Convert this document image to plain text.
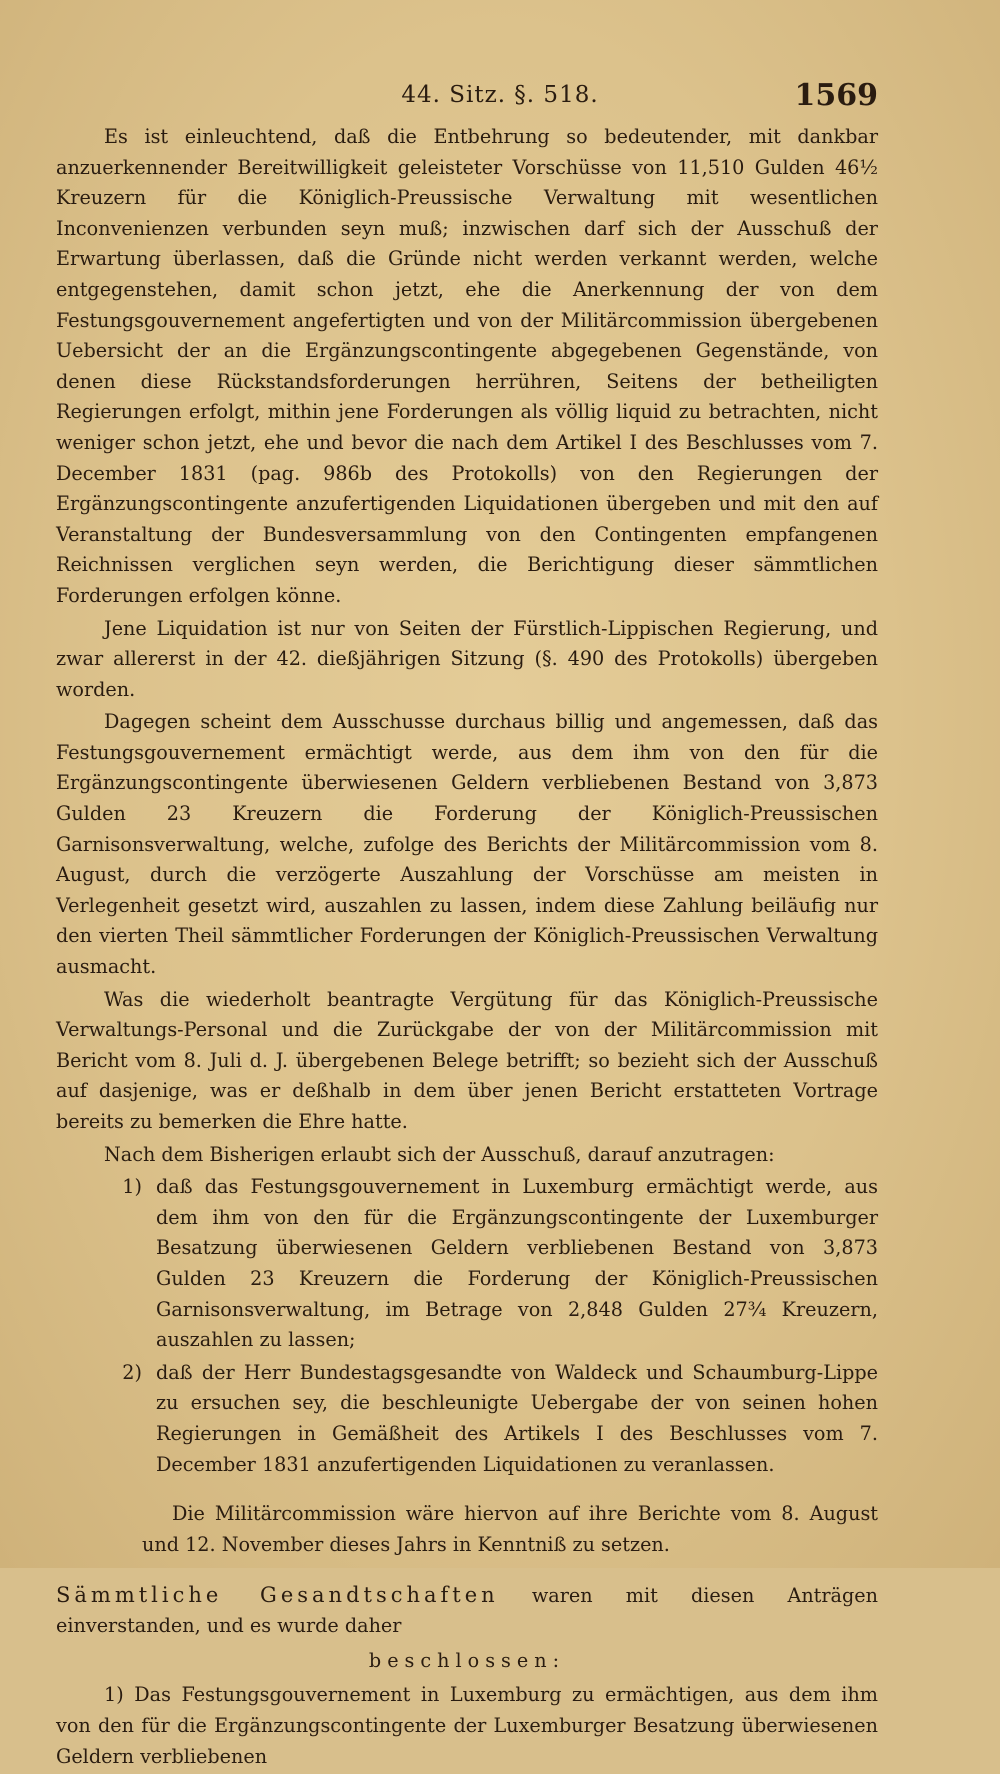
44. Sitz. §. 518.	1569

Es ist einleuchtend, daß die Entbehrung so bedeutender, mit dankbar anzuerkennender Bereitwilligkeit geleisteter Vorschüsse von 11,510 Gulden 46½ Kreuzern für die Königlich-Preussische Verwaltung mit wesentlichen Inconvenienzen verbunden seyn muß; inzwischen darf sich der Ausschuß der Erwartung überlassen, daß die Gründe nicht werden verkannt werden, welche entgegenstehen, damit schon jetzt, ehe die Anerkennung der von dem Festungsgouvernement angefertigten und von der Militärcommission übergebenen Uebersicht der an die Ergänzungscontingente abgegebenen Gegenstände, von denen diese Rückstandsforderungen herrühren, Seitens der betheiligten Regierungen erfolgt, mithin jene Forderungen als völlig liquid zu betrachten, nicht weniger schon jetzt, ehe und bevor die nach dem Artikel I des Beschlusses vom 7. December 1831 (pag. 986b des Protokolls) von den Regierungen der Ergänzungscontingente anzufertigenden Liquidationen übergeben und mit den auf Veranstaltung der Bundesversammlung von den Contingenten empfangenen Reichnissen verglichen seyn werden, die Berichtigung dieser sämmtlichen Forderungen erfolgen könne.

Jene Liquidation ist nur von Seiten der Fürstlich-Lippischen Regierung, und zwar allererst in der 42. dießjährigen Sitzung (§. 490 des Protokolls) übergeben worden.

Dagegen scheint dem Ausschusse durchaus billig und angemessen, daß das Festungsgouvernement ermächtigt werde, aus dem ihm von den für die Ergänzungscontingente überwiesenen Geldern verbliebenen Bestand von 3,873 Gulden 23 Kreuzern die Forderung der Königlich-Preussischen Garnisonsverwaltung, welche, zufolge des Berichts der Militärcommission vom 8. August, durch die verzögerte Auszahlung der Vorschüsse am meisten in Verlegenheit gesetzt wird, auszahlen zu lassen, indem diese Zahlung beiläufig nur den vierten Theil sämmtlicher Forderungen der Königlich-Preussischen Verwaltung ausmacht.

Was die wiederholt beantragte Vergütung für das Königlich-Preussische Verwaltungs-Personal und die Zurückgabe der von der Militärcommission mit Bericht vom 8. Juli d. J. übergebenen Belege betrifft; so bezieht sich der Ausschuß auf dasjenige, was er deßhalb in dem über jenen Bericht erstatteten Vortrage bereits zu bemerken die Ehre hatte.

Nach dem Bisherigen erlaubt sich der Ausschuß, darauf anzutragen:

1) daß das Festungsgouvernement in Luxemburg ermächtigt werde, aus dem ihm von den für die Ergänzungscontingente der Luxemburger Besatzung überwiesenen Geldern verbliebenen Bestand von 3,873 Gulden 23 Kreuzern die Forderung der Königlich-Preussischen Garnisonsverwaltung, im Betrage von 2,848 Gulden 27¾ Kreuzern, auszahlen zu lassen;
2) daß der Herr Bundestagsgesandte von Waldeck und Schaumburg-Lippe zu ersuchen sey, die beschleunigte Uebergabe der von seinen hohen Regierungen in Gemäßheit des Artikels I des Beschlusses vom 7. December 1831 anzufertigenden Liquidationen zu veranlassen.

Die Militärcommission wäre hiervon auf ihre Berichte vom 8. August und 12. November dieses Jahrs in Kenntniß zu setzen.

Sämmtliche Gesandtschaften waren mit diesen Anträgen einverstanden, und es wurde daher

beschlossen:

1) Das Festungsgouvernement in Luxemburg zu ermächtigen, aus dem ihm von den für die Ergänzungscontingente der Luxemburger Besatzung überwiesenen Geldern verbliebenen
